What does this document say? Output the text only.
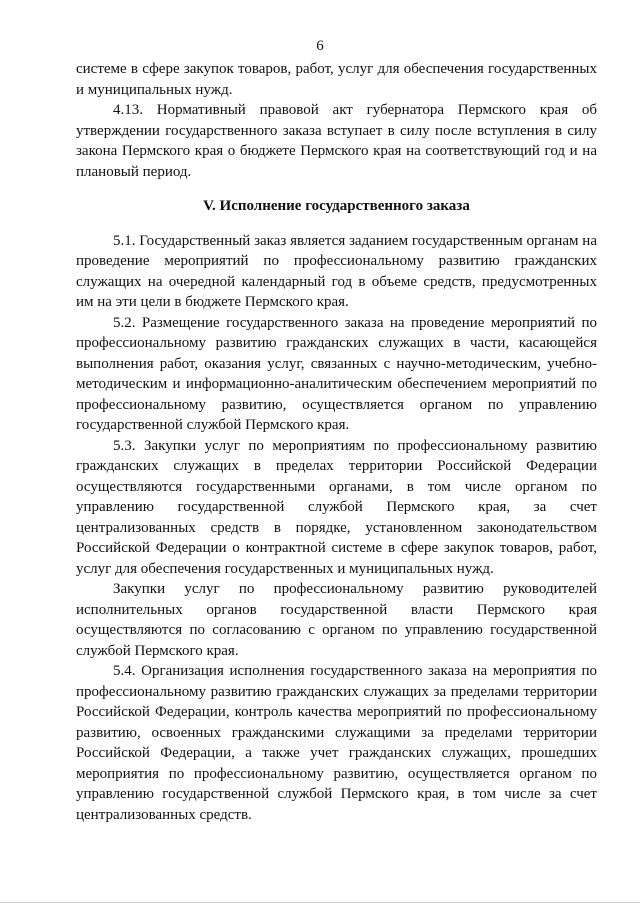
6

системе в сфере закупок товаров, работ, услуг для обеспечения государственных и муниципальных нужд.

4.13. Нормативный правовой акт губернатора Пермского края об утверждении государственного заказа вступает в силу после вступления в силу закона Пермского края о бюджете Пермского края на соответствующий год и на плановый период.

V. Исполнение государственного заказа

5.1. Государственный заказ является заданием государственным органам на проведение мероприятий по профессиональному развитию гражданских служащих на очередной календарный год в объеме средств, предусмотренных им на эти цели в бюджете Пермского края.

5.2. Размещение государственного заказа на проведение мероприятий по профессиональному развитию гражданских служащих в части, касающейся выполнения работ, оказания услуг, связанных с научно-методическим, учебно-методическим и информационно-аналитическим обеспечением мероприятий по профессиональному развитию, осуществляется органом по управлению государственной службой Пермского края.

5.3. Закупки услуг по мероприятиям по профессиональному развитию гражданских служащих в пределах территории Российской Федерации осуществляются государственными органами, в том числе органом по управлению государственной службой Пермского края, за счет централизованных средств в порядке, установленном законодательством Российской Федерации о контрактной системе в сфере закупок товаров, работ, услуг для обеспечения государственных и муниципальных нужд.

Закупки услуг по профессиональному развитию руководителей исполнительных органов государственной власти Пермского края осуществляются по согласованию с органом по управлению государственной службой Пермского края.

5.4. Организация исполнения государственного заказа на мероприятия по профессиональному развитию гражданских служащих за пределами территории Российской Федерации, контроль качества мероприятий по профессиональному развитию, освоенных гражданскими служащими за пределами территории Российской Федерации, а также учет гражданских служащих, прошедших мероприятия по профессиональному развитию, осуществляется органом по управлению государственной службой Пермского края, в том числе за счет централизованных средств.
